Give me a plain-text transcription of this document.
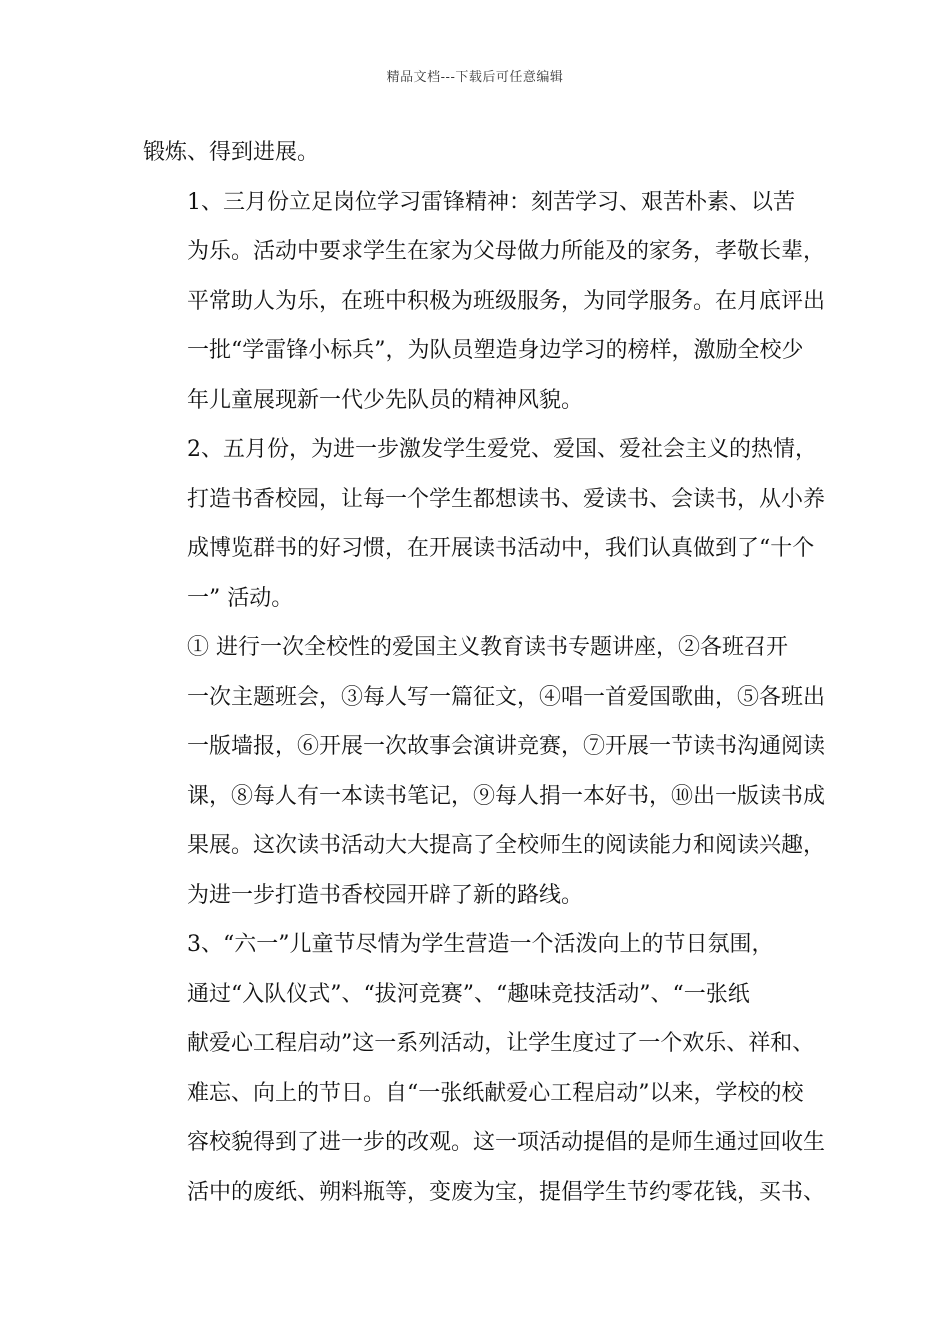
精品文档---下载后可任意编辑

锻炼、得到进展。

1、三月份立足岗位学习雷锋精神：刻苦学习、艰苦朴素、以苦
为乐。活动中要求学生在家为父母做力所能及的家务，孝敬长辈，
平常助人为乐，在班中积极为班级服务，为同学服务。在月底评出
一批“学雷锋小标兵”，为队员塑造身边学习的榜样，激励全校少
年儿童展现新一代少先队员的精神风貌。

2、五月份，为进一步激发学生爱党、爱国、爱社会主义的热情，
打造书香校园，让每一个学生都想读书、爱读书、会读书，从小养
成博览群书的好习惯，在开展读书活动中，我们认真做到了“十个
一” 活动。

① 进行一次全校性的爱国主义教育读书专题讲座，②各班召开
一次主题班会，③每人写一篇征文，④唱一首爱国歌曲，⑤各班出
一版墙报，⑥开展一次故事会演讲竞赛，⑦开展一节读书沟通阅读
课，⑧每人有一本读书笔记，⑨每人捐一本好书，⑩出一版读书成
果展。这次读书活动大大提高了全校师生的阅读能力和阅读兴趣，
为进一步打造书香校园开辟了新的路线。

3、“六一”儿童节尽情为学生营造一个活泼向上的节日氛围，
通过“入队仪式”、“拔河竞赛”、“趣味竞技活动”、“一张纸
献爱心工程启动”这一系列活动，让学生度过了一个欢乐、祥和、
难忘、向上的节日。自“一张纸献爱心工程启动”以来，学校的校
容校貌得到了进一步的改观。这一项活动提倡的是师生通过回收生
活中的废纸、朔料瓶等，变废为宝，提倡学生节约零花钱，买书、
